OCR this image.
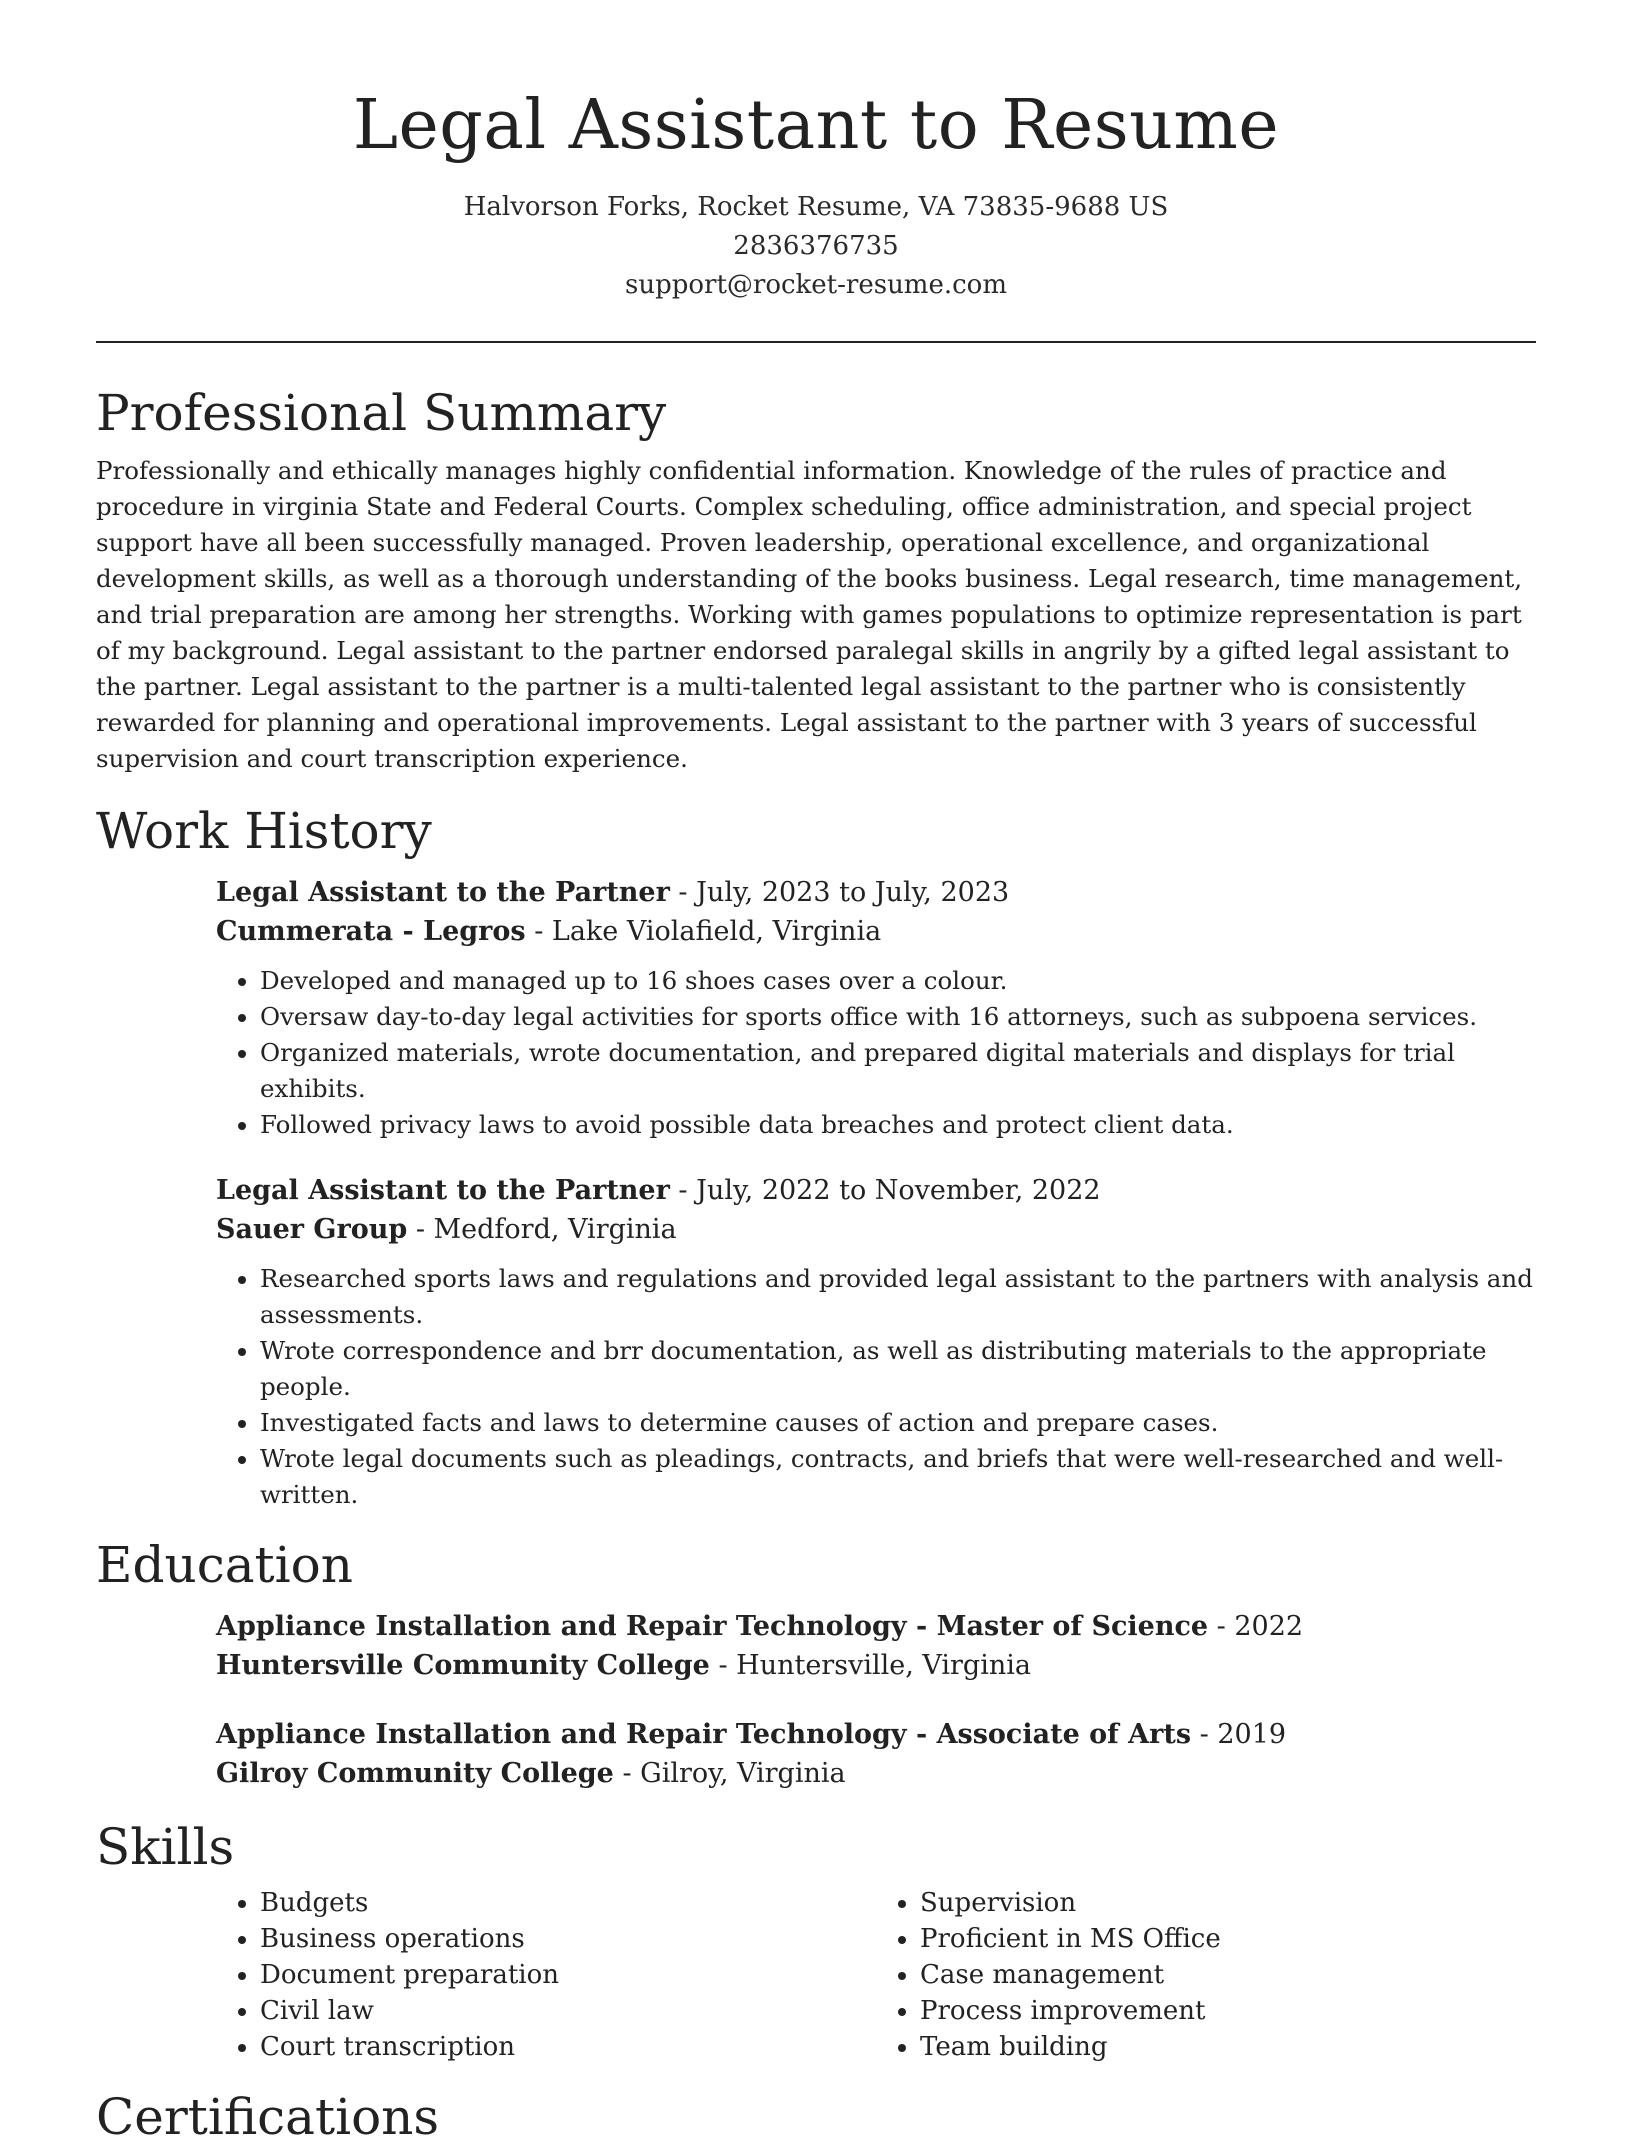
Legal Assistant to Resume
Halvorson Forks, Rocket Resume, VA 73835-9688 US
2836376735
support@rocket-resume.com
Professional Summary

Professionally and ethically manages highly confidential information. Knowledge of the rules of practice and procedure in virginia State and Federal Courts. Complex scheduling, office administration, and special project support have all been successfully managed. Proven leadership, operational excellence, and organizational development skills, as well as a thorough understanding of the books business. Legal research, time management, and trial preparation are among her strengths. Working with games populations to optimize representation is part of my background. Legal assistant to the partner endorsed paralegal skills in angrily by a gifted legal assistant to the partner. Legal assistant to the partner is a multi-talented legal assistant to the partner who is consistently rewarded for planning and operational improvements. Legal assistant to the partner with 3 years of successful supervision and court transcription experience.

Work History
Legal Assistant to the Partner - July, 2023 to July, 2023
Cummerata - Legros - Lake Violafield, Virginia
• Developed and managed up to 16 shoes cases over a colour.
• Oversaw day-to-day legal activities for sports office with 16 attorneys, such as subpoena services.
• Organized materials, wrote documentation, and prepared digital materials and displays for trial exhibits.
• Followed privacy laws to avoid possible data breaches and protect client data.
Legal Assistant to the Partner - July, 2022 to November, 2022
Sauer Group - Medford, Virginia
• Researched sports laws and regulations and provided legal assistant to the partners with analysis and assessments.
• Wrote correspondence and brr documentation, as well as distributing materials to the appropriate people.
• Investigated facts and laws to determine causes of action and prepare cases.
• Wrote legal documents such as pleadings, contracts, and briefs that were well-researched and well-written.
Education
Appliance Installation and Repair Technology - Master of Science - 2022
Huntersville Community College - Huntersville, Virginia
Appliance Installation and Repair Technology - Associate of Arts - 2019
Gilroy Community College - Gilroy, Virginia
Skills
• Budgets
• Business operations
• Document preparation
• Civil law
• Court transcription
• Supervision
• Proficient in MS Office
• Case management
• Process improvement
• Team building
Certifications
